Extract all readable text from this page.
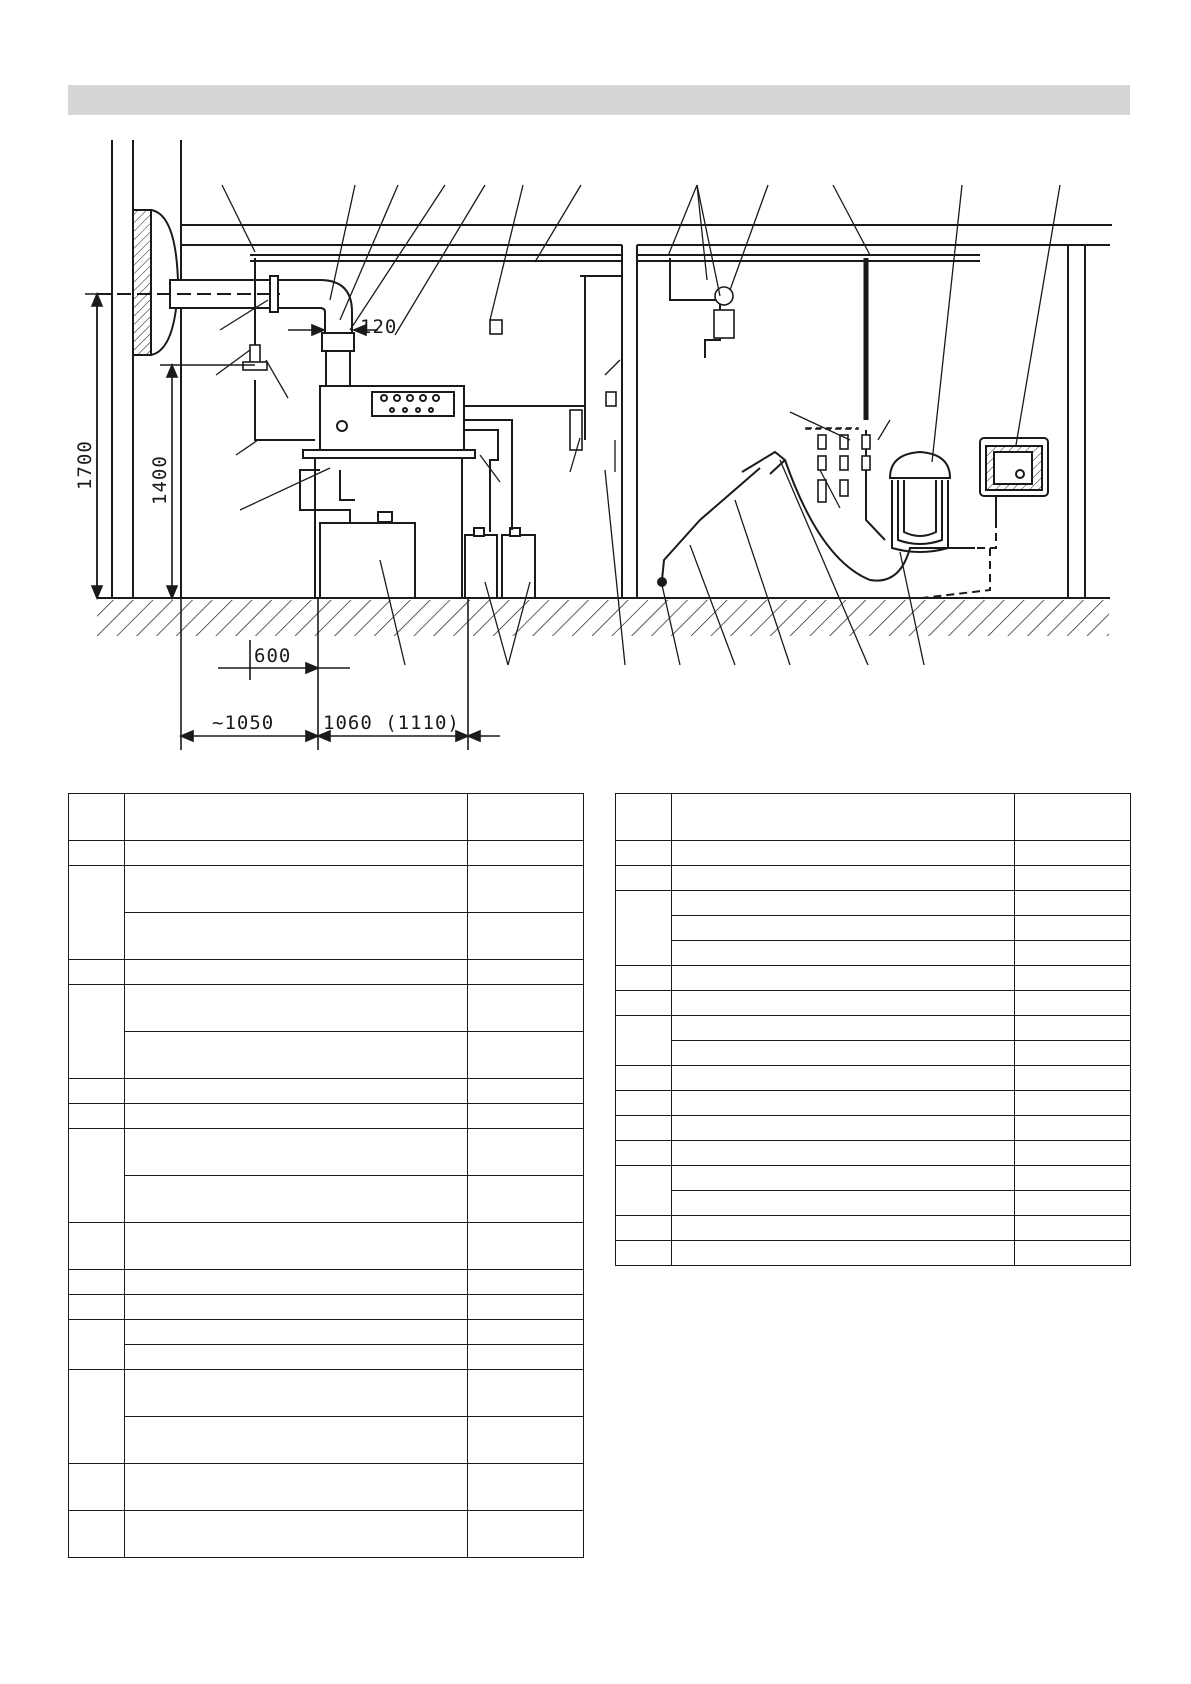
1700	1400
120
600
~1050	1060 (1110)
